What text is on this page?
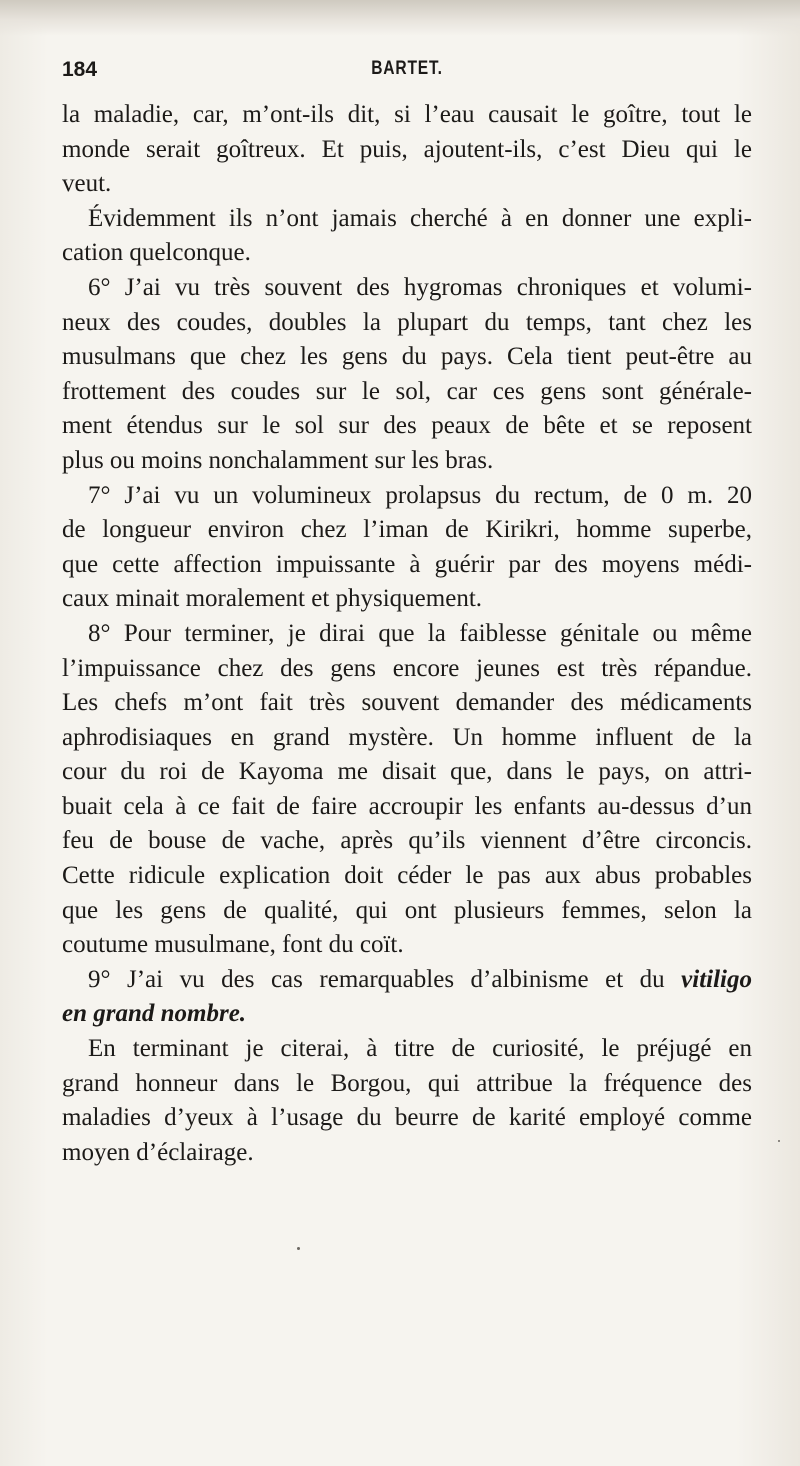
184	BARTET.
la maladie, car, m’ont-ils dit, si l’eau causait le goître, tout le
monde serait goîtreux. Et puis, ajoutent-ils, c’est Dieu qui le
veut.
Évidemment ils n’ont jamais cherché à en donner une expli-
cation quelconque.
6° J’ai vu très souvent des hygromas chroniques et volumi-
neux des coudes, doubles la plupart du temps, tant chez les
musulmans que chez les gens du pays. Cela tient peut-être au
frottement des coudes sur le sol, car ces gens sont générale-
ment étendus sur le sol sur des peaux de bête et se reposent
plus ou moins nonchalamment sur les bras.
7° J’ai vu un volumineux prolapsus du rectum, de 0 m. 20
de longueur environ chez l’iman de Kirikri, homme superbe,
que cette affection impuissante à guérir par des moyens médi-
caux minait moralement et physiquement.
8° Pour terminer, je dirai que la faiblesse génitale ou même
l’impuissance chez des gens encore jeunes est très répandue.
Les chefs m’ont fait très souvent demander des médicaments
aphrodisiaques en grand mystère. Un homme influent de la
cour du roi de Kayoma me disait que, dans le pays, on attri-
buait cela à ce fait de faire accroupir les enfants au-dessus d’un
feu de bouse de vache, après qu’ils viennent d’être circoncis.
Cette ridicule explication doit céder le pas aux abus probables
que les gens de qualité, qui ont plusieurs femmes, selon la
coutume musulmane, font du coït.
9° J’ai vu des cas remarquables d’albinisme et du vitiligo
en grand nombre.
En terminant je citerai, à titre de curiosité, le préjugé en
grand honneur dans le Borgou, qui attribue la fréquence des
maladies d’yeux à l’usage du beurre de karité employé comme
moyen d’éclairage.
